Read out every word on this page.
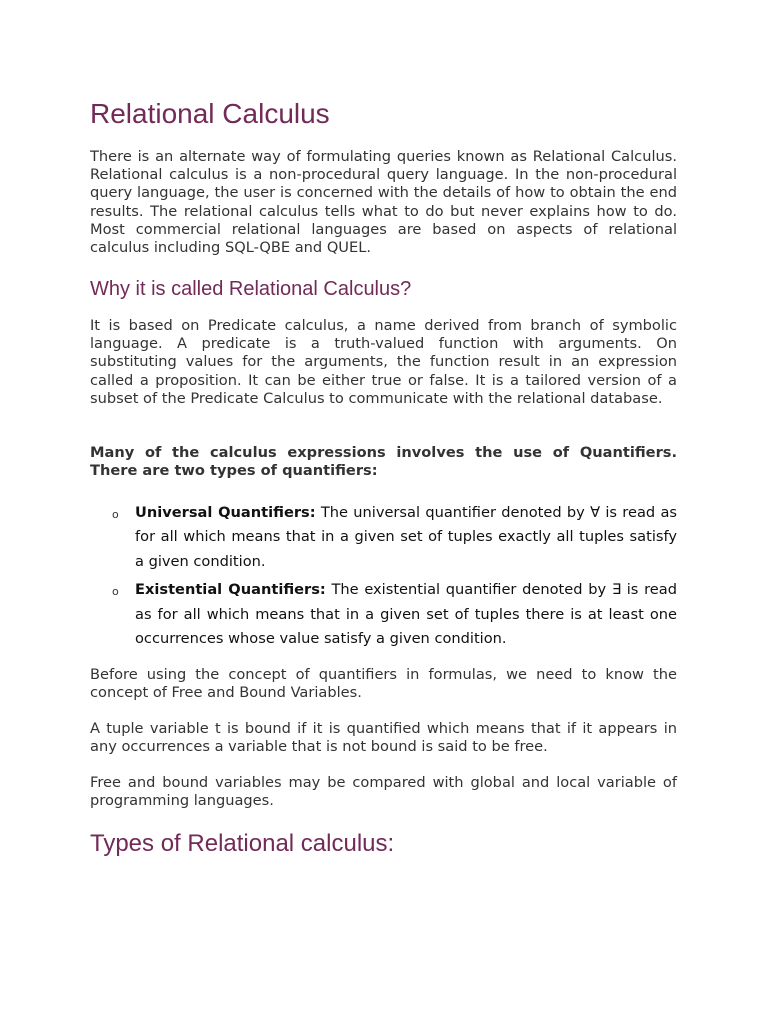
Relational Calculus

There is an alternate way of formulating queries known as Relational Calculus. Relational calculus is a non-procedural query language. In the non-procedural query language, the user is concerned with the details of how to obtain the end results. The relational calculus tells what to do but never explains how to do. Most commercial relational languages are based on aspects of relational calculus including SQL-QBE and QUEL.

Why it is called Relational Calculus?

It is based on Predicate calculus, a name derived from branch of symbolic language. A predicate is a truth-valued function with arguments. On substituting values for the arguments, the function result in an expression called a proposition. It can be either true or false. It is a tailored version of a subset of the Predicate Calculus to communicate with the relational database.

Many of the calculus expressions involves the use of Quantifiers. There are two types of quantifiers:

o Universal Quantifiers: The universal quantifier denoted by ∀ is read as for all which means that in a given set of tuples exactly all tuples satisfy a given condition.
o Existential Quantifiers: The existential quantifier denoted by ∃ is read as for all which means that in a given set of tuples there is at least one occurrences whose value satisfy a given condition.

Before using the concept of quantifiers in formulas, we need to know the concept of Free and Bound Variables.

A tuple variable t is bound if it is quantified which means that if it appears in any occurrences a variable that is not bound is said to be free.

Free and bound variables may be compared with global and local variable of programming languages.

Types of Relational calculus:
